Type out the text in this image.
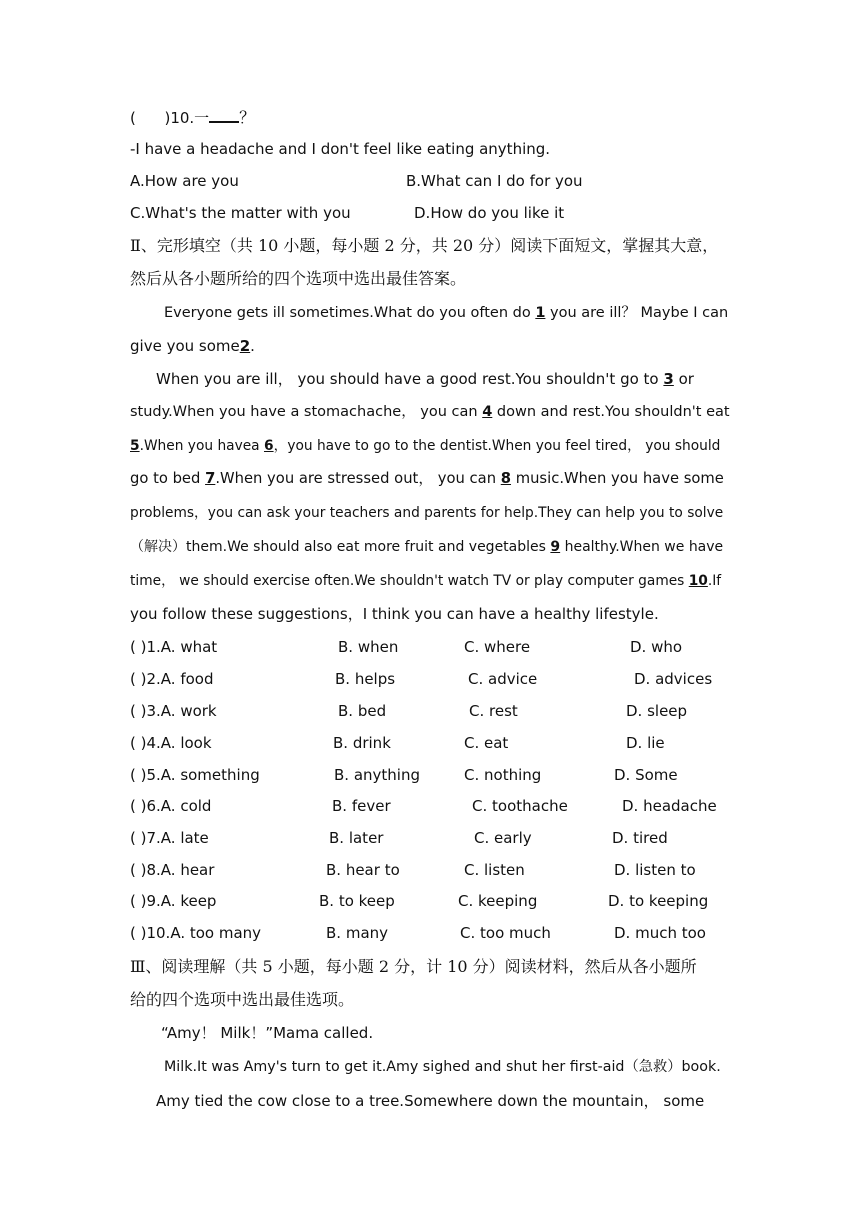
(      )10.一 ？
-I have a headache and I don't feel like eating anything.
A.How are you	B.What can I do for you
C.What's the matter with you	D.How do you like it
Ⅱ、完形填空（共 10 小题，每小题 2 分，共 20 分）阅读下面短文，掌握其大意，
然后从各小题所给的四个选项中选出最佳答案。
Everyone gets ill sometimes.What do you often do 1 you are ill？ Maybe I can
give you some2.
When you are ill， you should have a good rest.You shouldn't go to 3 or
study.When you have a stomachache， you can 4 down and rest.You shouldn't eat
5.When you havea 6，you have to go to the dentist.When you feel tired， you should
go to bed 7.When you are stressed out， you can 8 music.When you have some
problems，you can ask your teachers and parents for help.They can help you to solve
（解决）them.We should also eat more fruit and vegetables 9 healthy.When we have
time， we should exercise often.We shouldn't watch TV or play computer games 10.If
you follow these suggestions，I think you can have a healthy lifestyle.
( )1.A. what	B. when	C. where	D. who
( )2.A. food	B. helps	C. advice	D. advices
( )3.A. work	B. bed	C. rest	D. sleep
( )4.A. look	B. drink	C. eat	D. lie
( )5.A. something	B. anything	C. nothing	D. Some
( )6.A. cold	B. fever	C. toothache	D. headache
( )7.A. late	B. later	C. early	D. tired
( )8.A. hear	B. hear to	C. listen	D. listen to
( )9.A. keep	B. to keep	C. keeping	D. to keeping
( )10.A. too many	B. many	C. too much	D. much too
Ⅲ、阅读理解（共 5 小题，每小题 2 分，计 10 分）阅读材料，然后从各小题所
给的四个选项中选出最佳选项。
“Amy！ Milk！”Mama called.
Milk.It was Amy's turn to get it.Amy sighed and shut her first-aid（急救）book.
Amy tied the cow close to a tree.Somewhere down the mountain， some
